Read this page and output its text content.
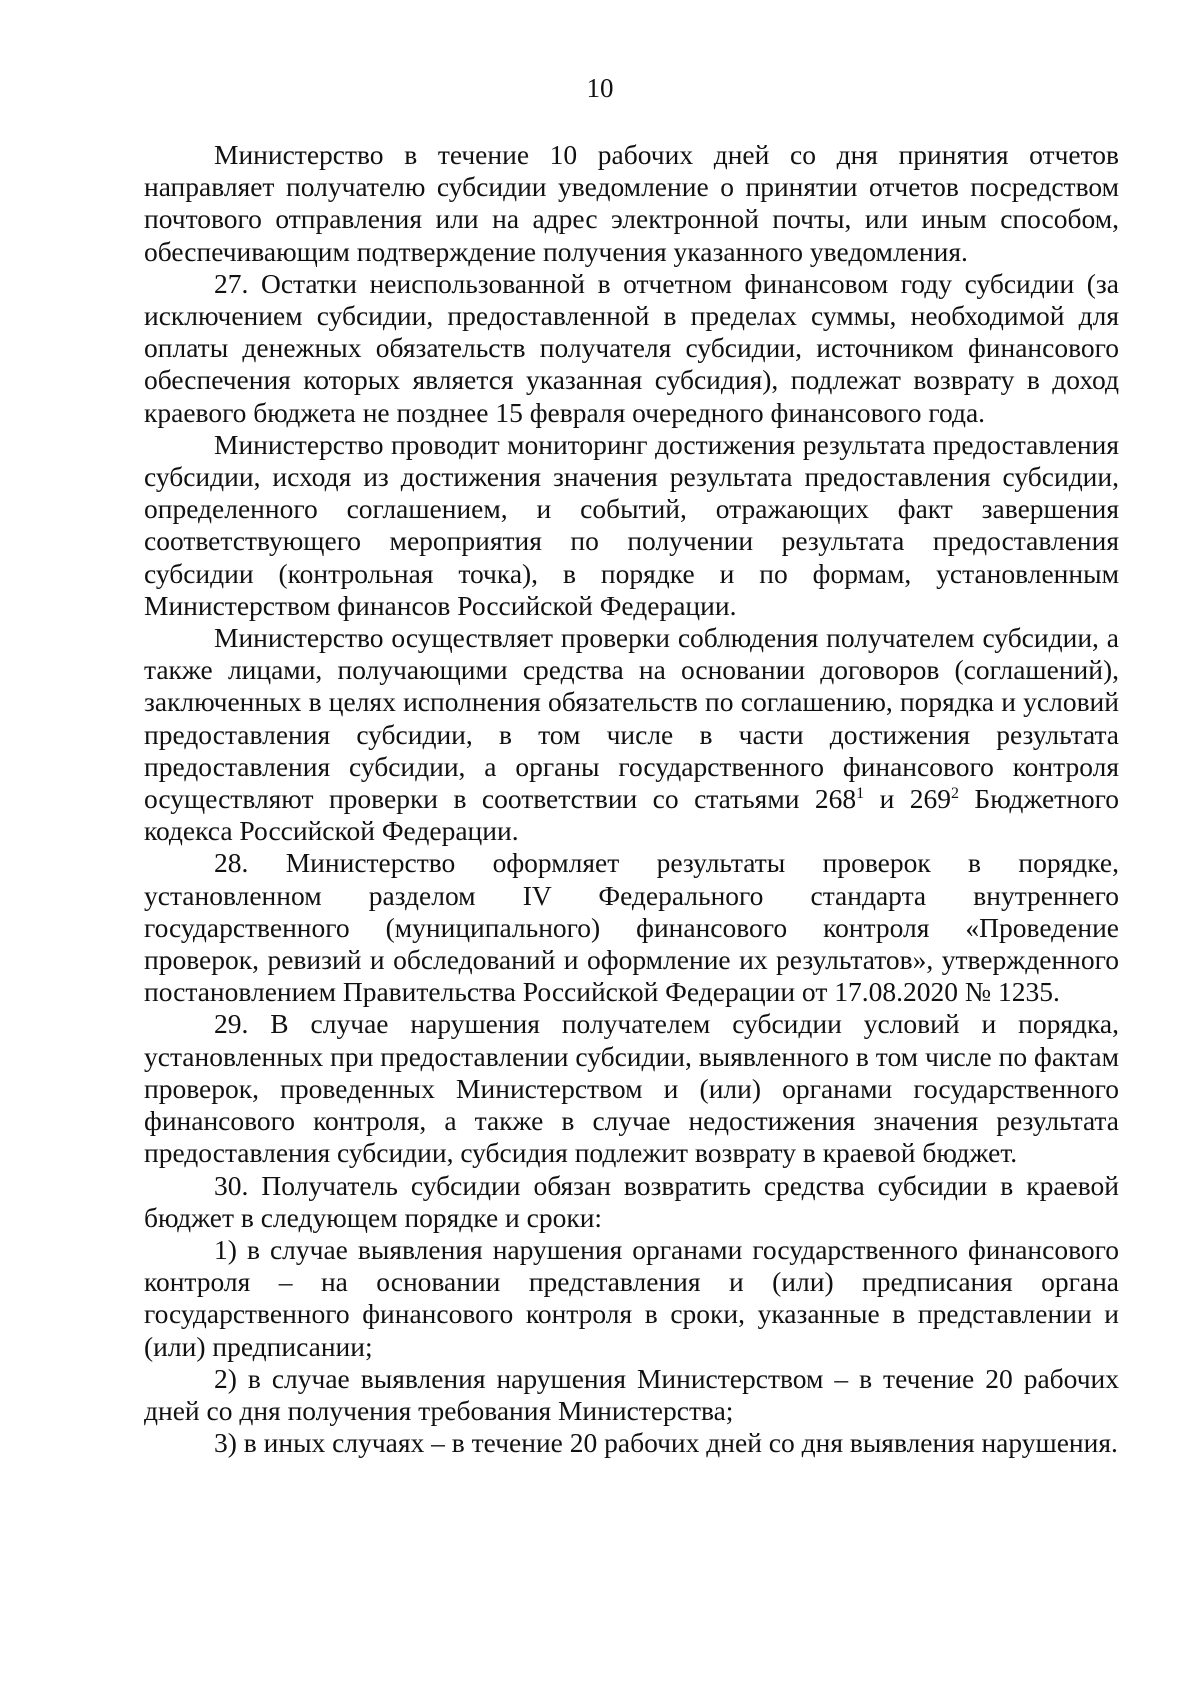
10

Министерство в течение 10 рабочих дней со дня принятия отчетов направляет получателю субсидии уведомление о принятии отчетов посредством почтового отправления или на адрес электронной почты, или иным способом, обеспечивающим подтверждение получения указанного уведомления.

27. Остатки неиспользованной в отчетном финансовом году субсидии (за исключением субсидии, предоставленной в пределах суммы, необходимой для оплаты денежных обязательств получателя субсидии, источником финансового обеспечения которых является указанная субсидия), подлежат возврату в доход краевого бюджета не позднее 15 февраля очередного финансового года.

Министерство проводит мониторинг достижения результата предоставления субсидии, исходя из достижения значения результата предоставления субсидии, определенного соглашением, и событий, отражающих факт завершения соответствующего мероприятия по получении результата предоставления субсидии (контрольная точка), в порядке и по формам, установленным Министерством финансов Российской Федерации.

Министерство осуществляет проверки соблюдения получателем субсидии, а также лицами, получающими средства на основании договоров (соглашений), заключенных в целях исполнения обязательств по соглашению, порядка и условий предоставления субсидии, в том числе в части достижения результата предоставления субсидии, а органы государственного финансового контроля осуществляют проверки в соответствии со статьями $268^1$ и $269^2$ Бюджетного кодекса Российской Федерации.

28. Министерство оформляет результаты проверок в порядке, установленном разделом IV Федерального стандарта внутреннего государственного (муниципального) финансового контроля «Проведение проверок, ревизий и обследований и оформление их результатов», утвержденного постановлением Правительства Российской Федерации от 17.08.2020 № 1235.

29. В случае нарушения получателем субсидии условий и порядка, установленных при предоставлении субсидии, выявленного в том числе по фактам проверок, проведенных Министерством и (или) органами государственного финансового контроля, а также в случае недостижения значения результата предоставления субсидии, субсидия подлежит возврату в краевой бюджет.

30. Получатель субсидии обязан возвратить средства субсидии в краевой бюджет в следующем порядке и сроки:

1) в случае выявления нарушения органами государственного финансового контроля – на основании представления и (или) предписания органа государственного финансового контроля в сроки, указанные в представлении и (или) предписании;

2) в случае выявления нарушения Министерством – в течение 20 рабочих дней со дня получения требования Министерства;

3) в иных случаях – в течение 20 рабочих дней со дня выявления нарушения.
